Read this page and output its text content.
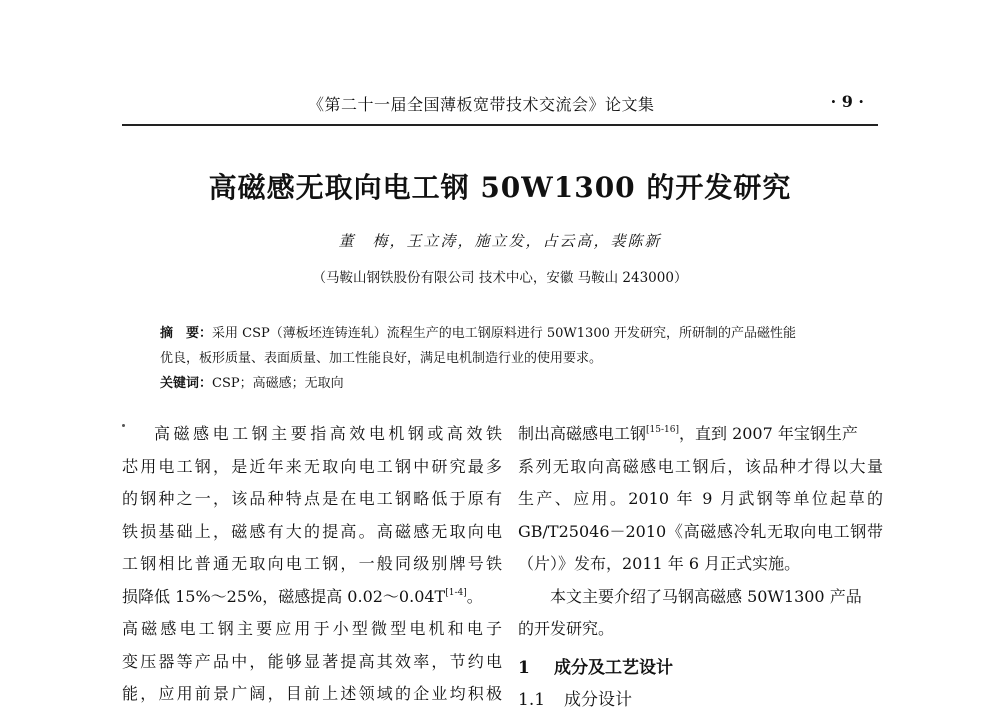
《第二十一届全国薄板宽带技术交流会》论文集	· 9 ·
高磁感无取向电工钢 50W1300 的开发研究
董　梅，王立涛，施立发，占云高，裴陈新
（马鞍山钢铁股份有限公司 技术中心，安徽 马鞍山 243000）
摘　要：采用 CSP（薄板坯连铸连轧）流程生产的电工钢原料进行 50W1300 开发研究，所研制的产品磁性能
优良，板形质量、表面质量、加工性能良好，满足电机制造行业的使用要求。
关键词：CSP；高磁感；无取向
高磁感电工钢主要指高效电机钢或高效铁
芯用电工钢，是近年来无取向电工钢中研究最多
的钢种之一，该品种特点是在电工钢略低于原有
铁损基础上，磁感有大的提高。高磁感无取向电
工钢相比普通无取向电工钢，一般同级别牌号铁
损降低 15%～25%，磁感提高 0.02～0.04T[1-4]。
高磁感电工钢主要应用于小型微型电机和电子
变压器等产品中，能够显著提高其效率，节约电
能，应用前景广阔，目前上述领域的企业均积极
制出高磁感电工钢[15-16]，直到 2007 年宝钢生产
系列无取向高磁感电工钢后，该品种才得以大量
生产、应用。2010 年 9 月武钢等单位起草的
GB/T25046－2010《高磁感冷轧无取向电工钢带
（片）》发布，2011 年 6 月正式实施。
本文主要介绍了马钢高磁感 50W1300 产品
的开发研究。
1 成分及工艺设计
1.1 成分设计
